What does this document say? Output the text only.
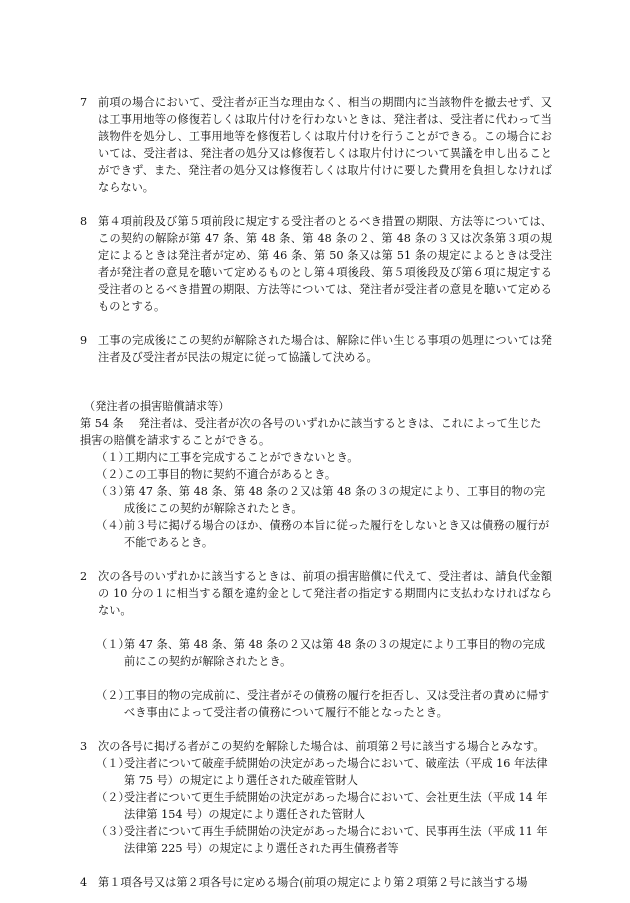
7 前項の場合において、受注者が正当な理由なく、相当の期間内に当該物件を撤去せず、又は工事用地等の修復若しくは取片付けを行わないときは、発注者は、受注者に代わって当該物件を処分し、工事用地等を修復若しくは取片付けを行うことができる。この場合においては、受注者は、発注者の処分又は修復若しくは取片付けについて異議を申し出ることができず、また、発注者の処分又は修復若しくは取片付けに要した費用を負担しなければならない。
8 第４項前段及び第５項前段に規定する受注者のとるべき措置の期限、方法等については、この契約の解除が第 47 条、第 48 条、第 48 条の２、第 48 条の３又は次条第３項の規定によるときは発注者が定め、第 46 条、第 50 条又は第 51 条の規定によるときは受注者が発注者の意見を聴いて定めるものとし第４項後段、第５項後段及び第６項に規定する受注者のとるべき措置の期限、方法等については、発注者が受注者の意見を聴いて定めるものとする。
9 工事の完成後にこの契約が解除された場合は、解除に伴い生じる事項の処理については発注者及び受注者が民法の規定に従って協議して決める。
（発注者の損害賠償請求等）
第 54 条 　 発注者は、受注者が次の各号のいずれかに該当するときは、これによって生じた損害の賠償を請求することができる。
（１）
工期内に工事を完成することができないとき。
（２）
この工事目的物に契約不適合があるとき。
（３）
第 47 条、第 48 条、第 48 条の２又は第 48 条の３の規定により、工事目的物の完成後にこの契約が解除されたとき。
（４）
前３号に掲げる場合のほか、債務の本旨に従った履行をしないとき又は債務の履行が不能であるとき。
2 次の各号のいずれかに該当するときは、前項の損害賠償に代えて、受注者は、請負代金額の 10 分の１に相当する額を違約金として発注者の指定する期間内に支払わなければならない。
（１）
第 47 条、第 48 条、第 48 条の２又は第 48 条の３の規定により工事目的物の完成前にこの契約が解除されたとき。
（２）
工事目的物の完成前に、受注者がその債務の履行を拒否し、又は受注者の責めに帰すべき事由によって受注者の債務について履行不能となったとき。
3 次の各号に掲げる者がこの契約を解除した場合は、前項第２号に該当する場合とみなす。
（１）
受注者について破産手続開始の決定があった場合において、破産法（平成 16 年法律第 75 号）の規定により選任された破産管財人
（２）
受注者について更生手続開始の決定があった場合において、会社更生法（平成 14 年法律第 154 号）の規定により選任された管財人
（３）
受注者について再生手続開始の決定があった場合において、民事再生法（平成 11 年法律第 225 号）の規定により選任された再生債務者等
4 第１項各号又は第２項各号に定める場合(前項の規定により第２項第２号に該当する場
